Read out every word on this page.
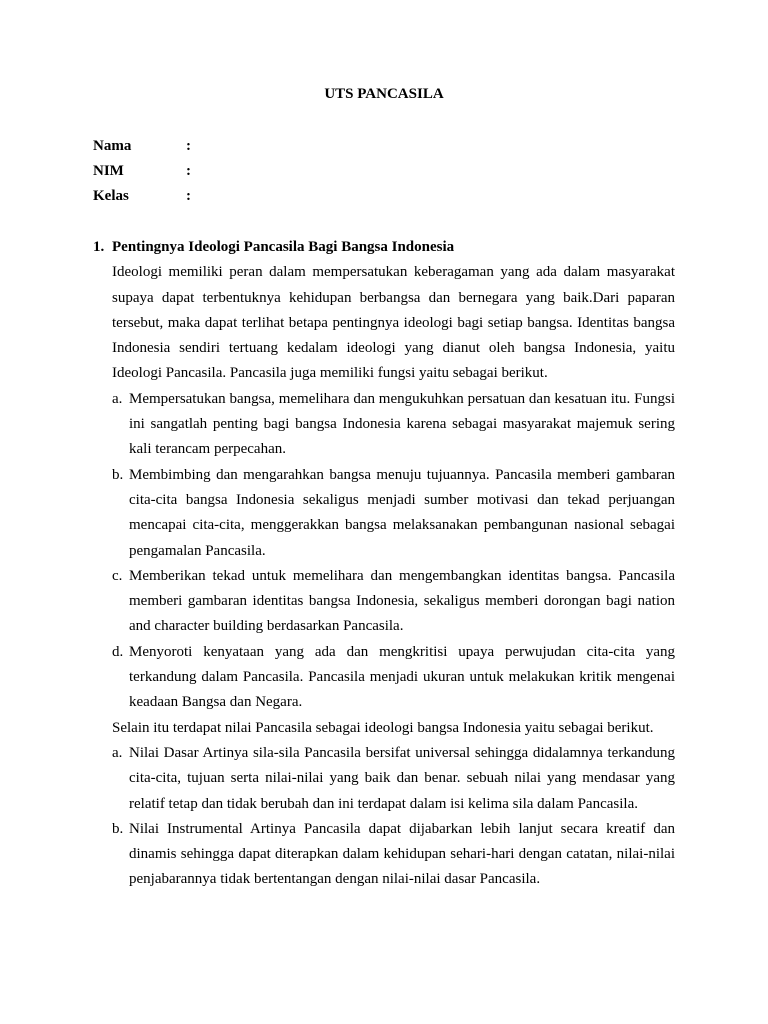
UTS PANCASILA
Nama	:
NIM	:
Kelas	:
1. Pentingnya Ideologi Pancasila Bagi Bangsa Indonesia
Ideologi memiliki peran dalam mempersatukan keberagaman yang ada dalam masyarakat supaya dapat terbentuknya kehidupan berbangsa dan bernegara yang baik.Dari paparan tersebut, maka dapat terlihat betapa pentingnya ideologi bagi setiap bangsa. Identitas bangsa Indonesia sendiri tertuang kedalam ideologi yang dianut oleh bangsa Indonesia, yaitu Ideologi Pancasila. Pancasila juga memiliki fungsi yaitu sebagai berikut.
a. Mempersatukan bangsa, memelihara dan mengukuhkan persatuan dan kesatuan itu. Fungsi ini sangatlah penting bagi bangsa Indonesia karena sebagai masyarakat majemuk sering kali terancam perpecahan.
b. Membimbing dan mengarahkan bangsa menuju tujuannya. Pancasila memberi gambaran cita-cita bangsa Indonesia sekaligus menjadi sumber motivasi dan tekad perjuangan mencapai cita-cita, menggerakkan bangsa melaksanakan pembangunan nasional sebagai pengamalan Pancasila.
c. Memberikan tekad untuk memelihara dan mengembangkan identitas bangsa. Pancasila memberi gambaran identitas bangsa Indonesia, sekaligus memberi dorongan bagi nation and character building berdasarkan Pancasila.
d. Menyoroti kenyataan yang ada dan mengkritisi upaya perwujudan cita-cita yang terkandung dalam Pancasila. Pancasila menjadi ukuran untuk melakukan kritik mengenai keadaan Bangsa dan Negara.
Selain itu terdapat nilai Pancasila sebagai ideologi bangsa Indonesia yaitu sebagai berikut.
a. Nilai Dasar Artinya sila-sila Pancasila bersifat universal sehingga didalamnya terkandung cita-cita, tujuan serta nilai-nilai yang baik dan benar. sebuah nilai yang mendasar yang relatif tetap dan tidak berubah dan ini terdapat dalam isi kelima sila dalam Pancasila.
b. Nilai Instrumental Artinya Pancasila dapat dijabarkan lebih lanjut secara kreatif dan dinamis sehingga dapat diterapkan dalam kehidupan sehari-hari dengan catatan, nilai-nilai penjabarannya tidak bertentangan dengan nilai-nilai dasar Pancasila.
